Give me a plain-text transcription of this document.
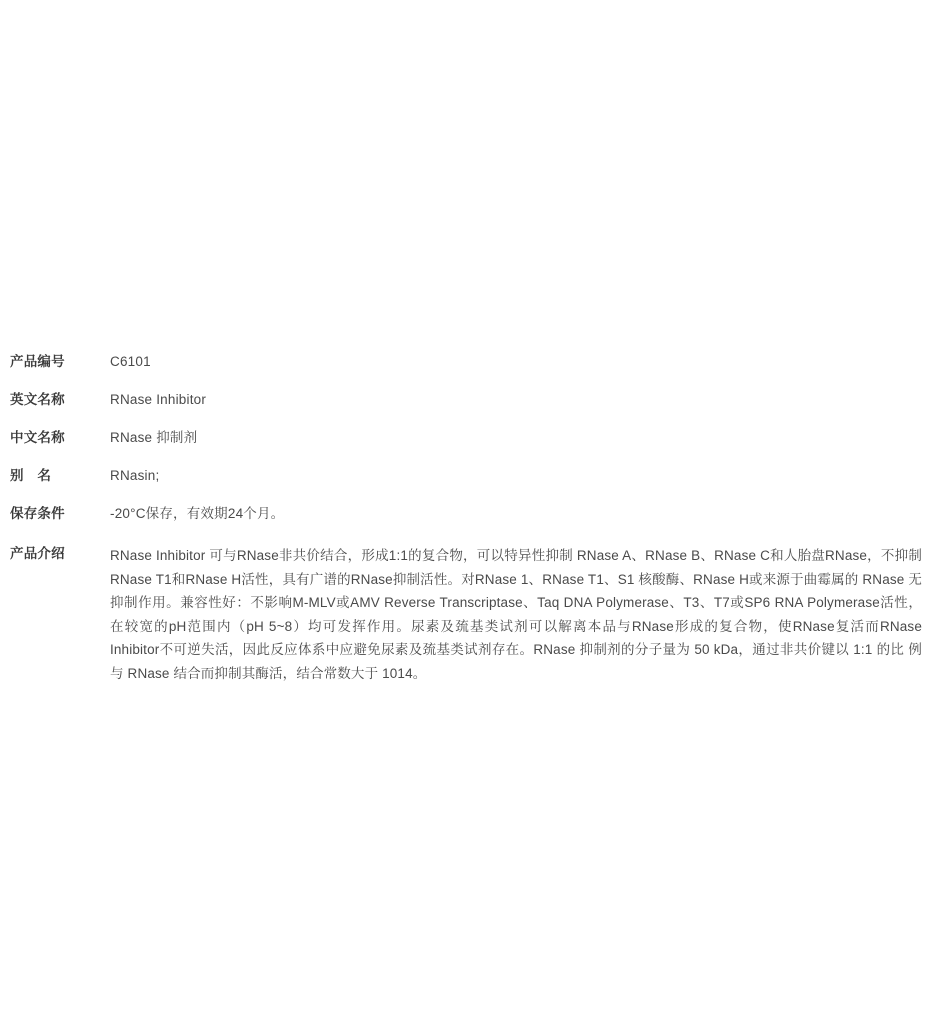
产品编号	C6101
英文名称	RNase Inhibitor
中文名称	RNase 抑制剂
别　名	RNasin;
保存条件	-20°C保存，有效期24个月。
产品介绍	RNase Inhibitor 可与RNase非共价结合，形成1:1的复合物，可以特异性抑制 RNase A、RNase B、RNase C和人胎盘RNase，不抑制RNase T1和RNase H活性，具有广谱的RNase抑制活性。对RNase 1、RNase T1、S1 核酸酶、RNase H或来源于曲霉属的 RNase 无抑制作用。兼容性好：不影响M-MLV或AMV Reverse Transcriptase、Taq DNA Polymerase、T3、T7或SP6 RNA Polymerase活性，在较宽的pH范围内（pH 5~8）均可发挥作用。尿素及巯基类试剂可以解离本品与RNase形成的复合物，使RNase复活而RNase Inhibitor不可逆失活，因此反应体系中应避免尿素及巯基类试剂存在。RNase 抑制剂的分子量为 50 kDa，通过非共价键以 1:1 的比 例与 RNase 结合而抑制其酶活，结合常数大于 1014。
